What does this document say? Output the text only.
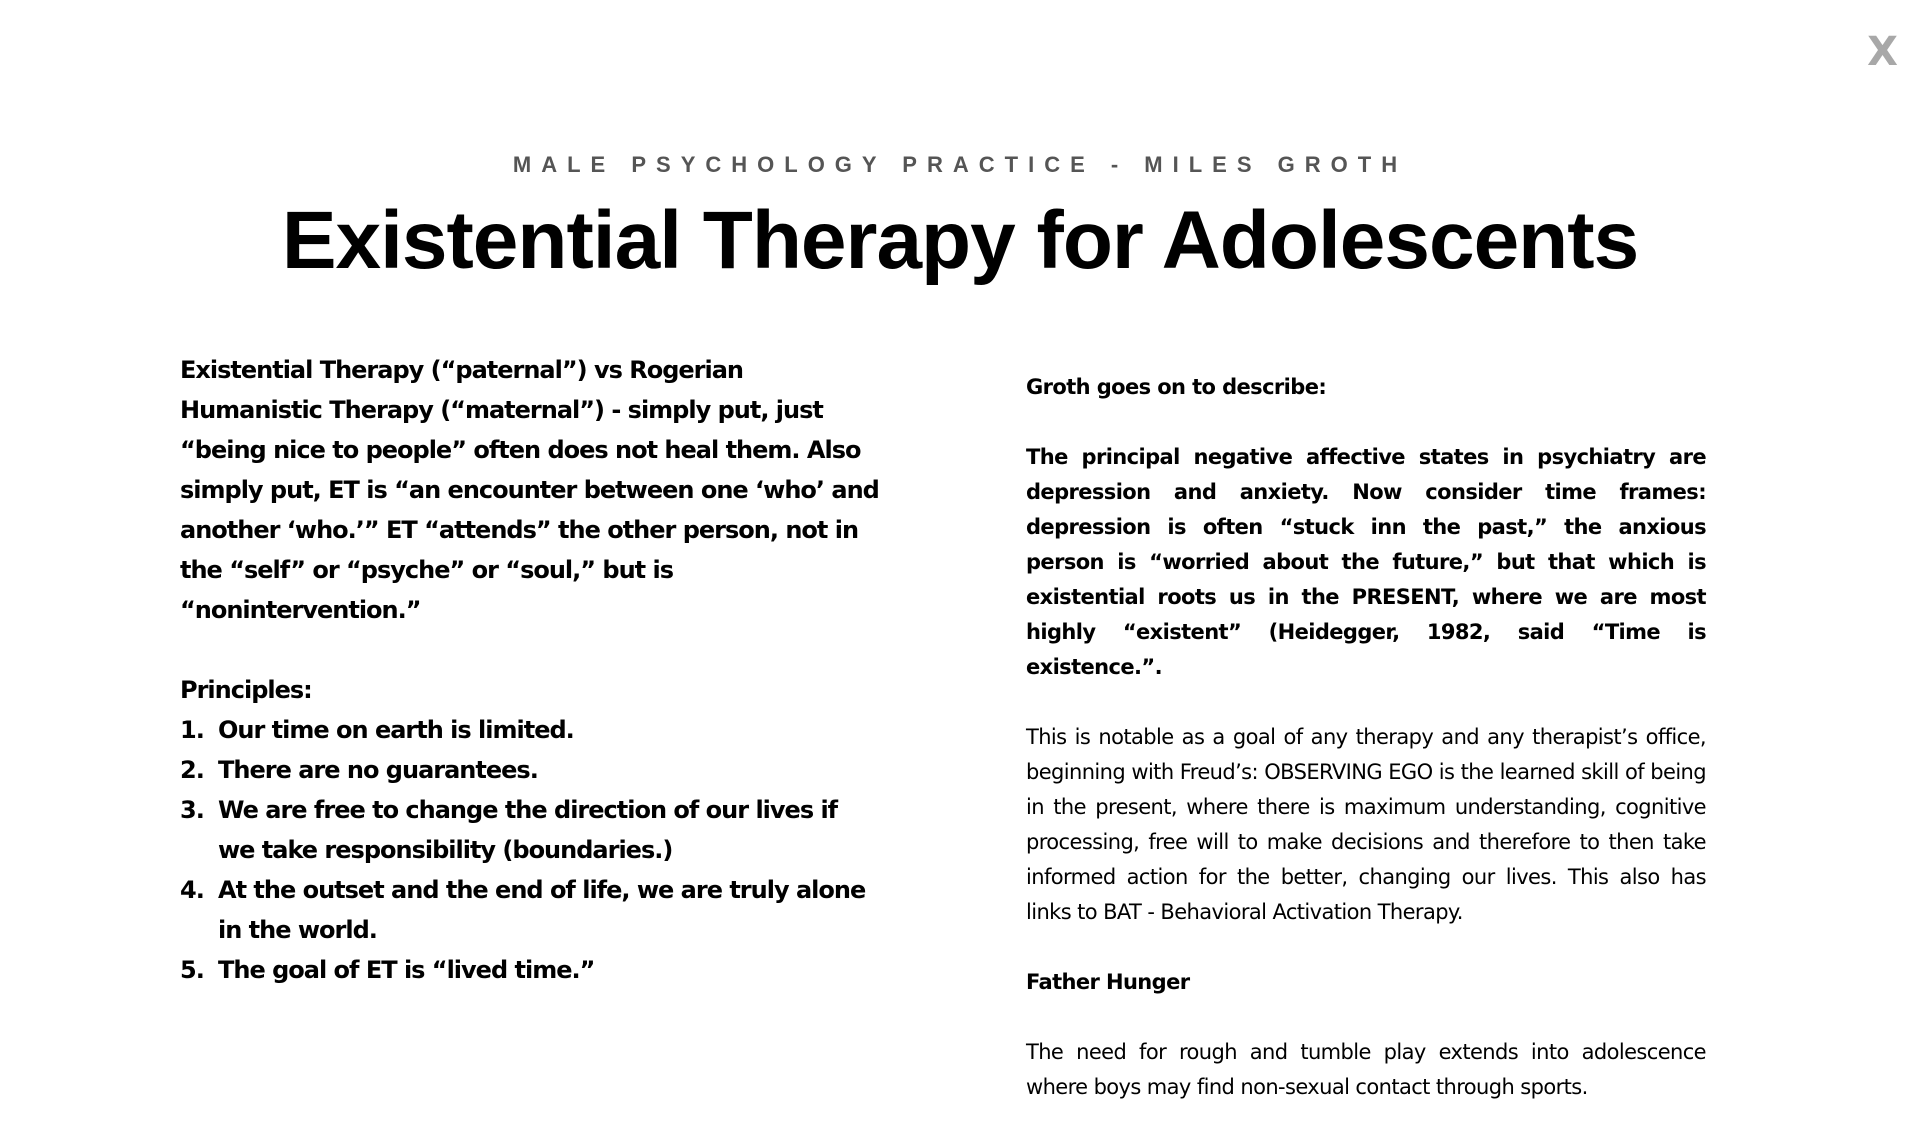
X
MALE PSYCHOLOGY PRACTICE - MILES GROTH
Existential Therapy for Adolescents

Existential Therapy (“paternal”) vs Rogerian Humanistic Therapy (“maternal”) - simply put, just “being nice to people” often does not heal them. Also simply put, ET is “an encounter between one ‘who’ and another ‘who.’” ET “attends” the other person, not in the “self” or “psyche” or “soul,” but is “nonintervention.”

Principles:
1. Our time on earth is limited.
2. There are no guarantees.
3. We are free to change the direction of our lives if we take responsibility (boundaries.)
4. At the outset and the end of life, we are truly alone in the world.
5. The goal of ET is “lived time.”

Groth goes on to describe:

The principal negative affective states in psychiatry are depression and anxiety. Now consider time frames: depression is often “stuck inn the past,” the anxious person is “worried about the future,” but that which is existential roots us in the PRESENT, where we are most highly “existent” (Heidegger, 1982, said “Time is existence.”.

This is notable as a goal of any therapy and any therapist’s office, beginning with Freud’s: OBSERVING EGO is the learned skill of being in the present, where there is maximum understanding, cognitive processing, free will to make decisions and therefore to then take informed action for the better, changing our lives. This also has links to BAT - Behavioral Activation Therapy.

Father Hunger

The need for rough and tumble play extends into adolescence where boys may find non-sexual contact through sports.
